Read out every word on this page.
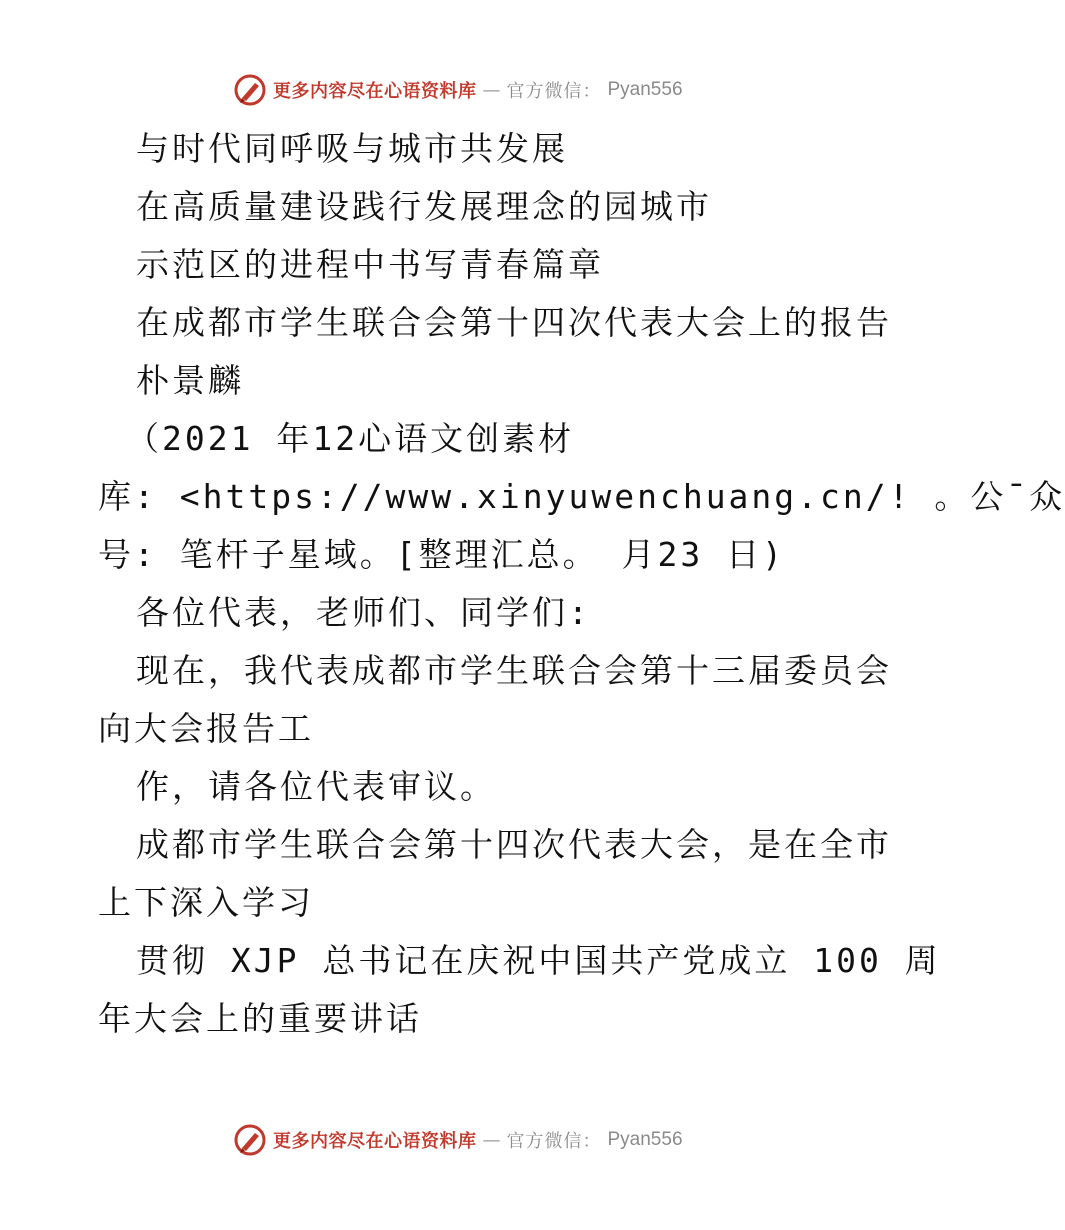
更多内容尽在心语资料库 — 官方微信： Pyan556
与时代同呼吸与城市共发展
在高质量建设践行发展理念的园城市
示范区的进程中书写青春篇章
在成都市学生联合会第十四次代表大会上的报告
朴景麟
（2021 年12心语文创素材
库: <https://www.xinyuwenchuang.cn/! 。公¯众
号: 笔杆子星域。[整理汇总。 月23 日)
各位代表，老师们、同学们:
现在，我代表成都市学生联合会第十三届委员会
向大会报告工
作，请各位代表审议。
成都市学生联合会第十四次代表大会，是在全市
上下深入学习
贯彻 XJP 总书记在庆祝中国共产党成立 100 周
年大会上的重要讲话
更多内容尽在心语资料库 — 官方微信： Pyan556
